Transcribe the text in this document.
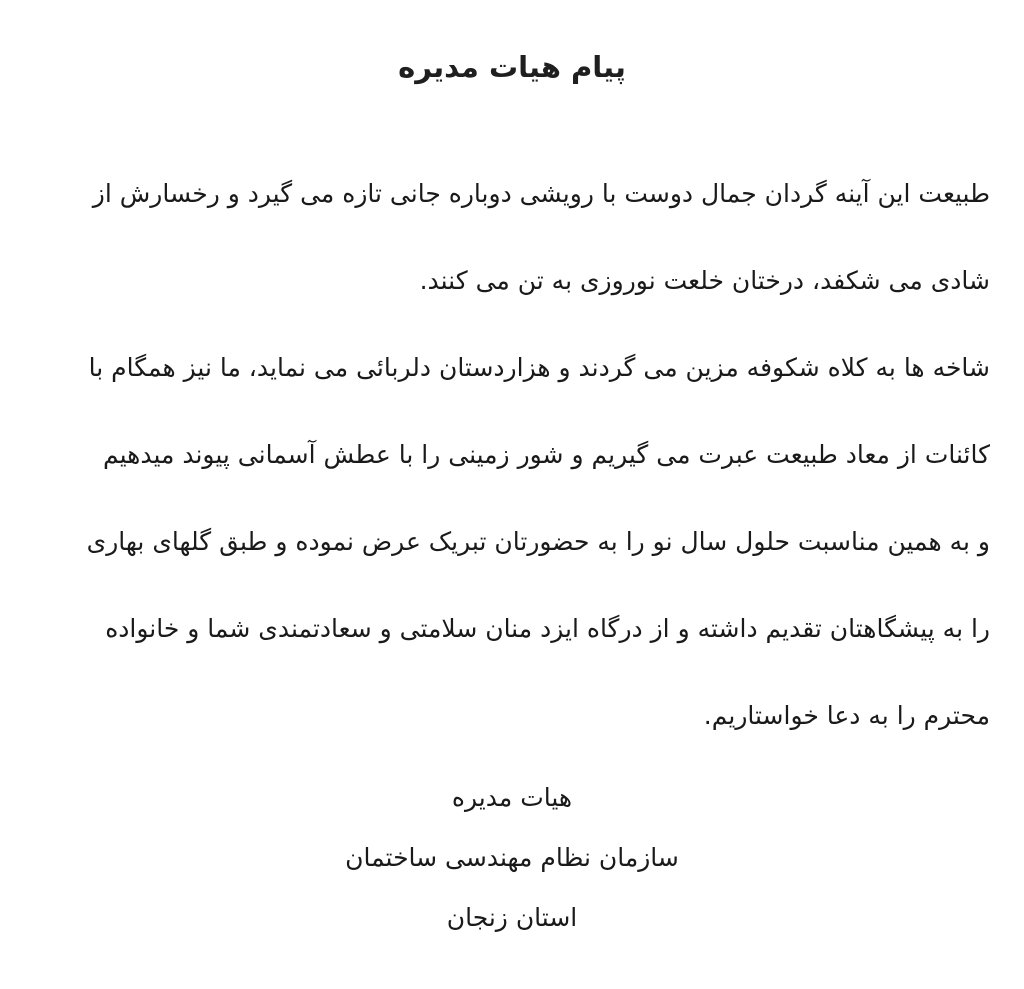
پیام هیات مدیره
طبیعت این آینه گردان جمال دوست با رویشی دوباره جانی تازه می گیرد و رخسارش از
شادی می شکفد، درختان خلعت نوروزی به تن می کنند.
شاخه ها به کلاه شکوفه مزین می گردند و هزاردستان دلربائی می نماید، ما نیز همگام با
کائنات از معاد طبیعت عبرت می گیریم و شور زمینی را با عطش آسمانی پیوند میدهیم
و به همین مناسبت حلول سال نو را به حضورتان تبریک عرض نموده و طبق گلهای بهاری
را به پیشگاهتان تقدیم داشته و از درگاه ایزد منان سلامتی و سعادتمندی شما و خانواده
محترم را به دعا خواستاریم.
هیات مدیره
سازمان نظام مهندسی ساختمان
استان زنجان
